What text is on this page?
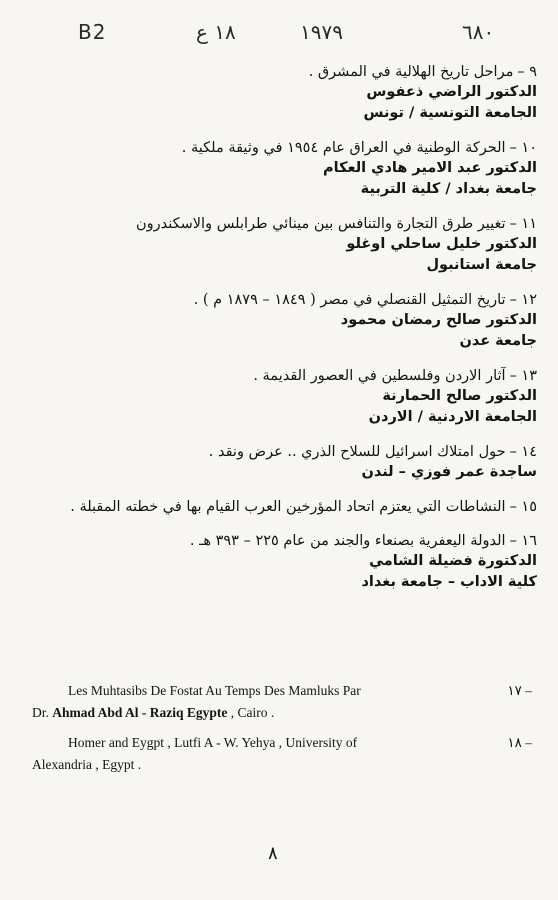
B2	١٨ ع	١٩٧٩	٦٨٠
٩ –مراحل تاريخ الهلالية في المشرق .
الدكتور الراضي ذعفوس
الجامعة التونسية / تونس
١٠ –الحركة الوطنية في العراق عام ١٩٥٤ في وثيقة ملكية .
الدكتور عبد الامير هادي العكام
جامعة بغداد / كلية التربية
١١ –تغيير طرق التجارة والتنافس بين مينائي طرابلس والاسكندرون
الدكتور خليل ساحلي اوغلو
جامعة استانبول
١٢ –تاريخ التمثيل القنصلي في مصر ( ١٨٤٩ – ١٨٧٩ م ) .
الدكتور صالح رمضان محمود
جامعة عدن
١٣ –آثار الاردن وفلسطين في العصور القديمة .
الدكتور صالح الحمارنة
الجامعة الاردنية / الاردن
١٤ –حول امتلاك اسرائيل للسلاح الذري .. عرض ونقد .
ساجدة عمر فوزي – لندن
١٥ –النشاطات التي يعتزم اتحاد المؤرخين العرب القيام بها في خطته المقبلة .
١٦ –الدولة اليعفرية بصنعاء والجند من عام ٢٢٥ – ٣٩٣ هـ .
الدكتورة فضيلة الشامي
كلية الاداب – جامعة بغداد
١٧ –
Les Muhtasibs De Fostat Au Temps Des Mamluks Par
Dr. Ahmad Abd Al - Raziq Egypte , Cairo .
١٨ –
Homer and Eygpt , Lutfi A - W. Yehya , University of
Alexandria , Egypt .
٨
